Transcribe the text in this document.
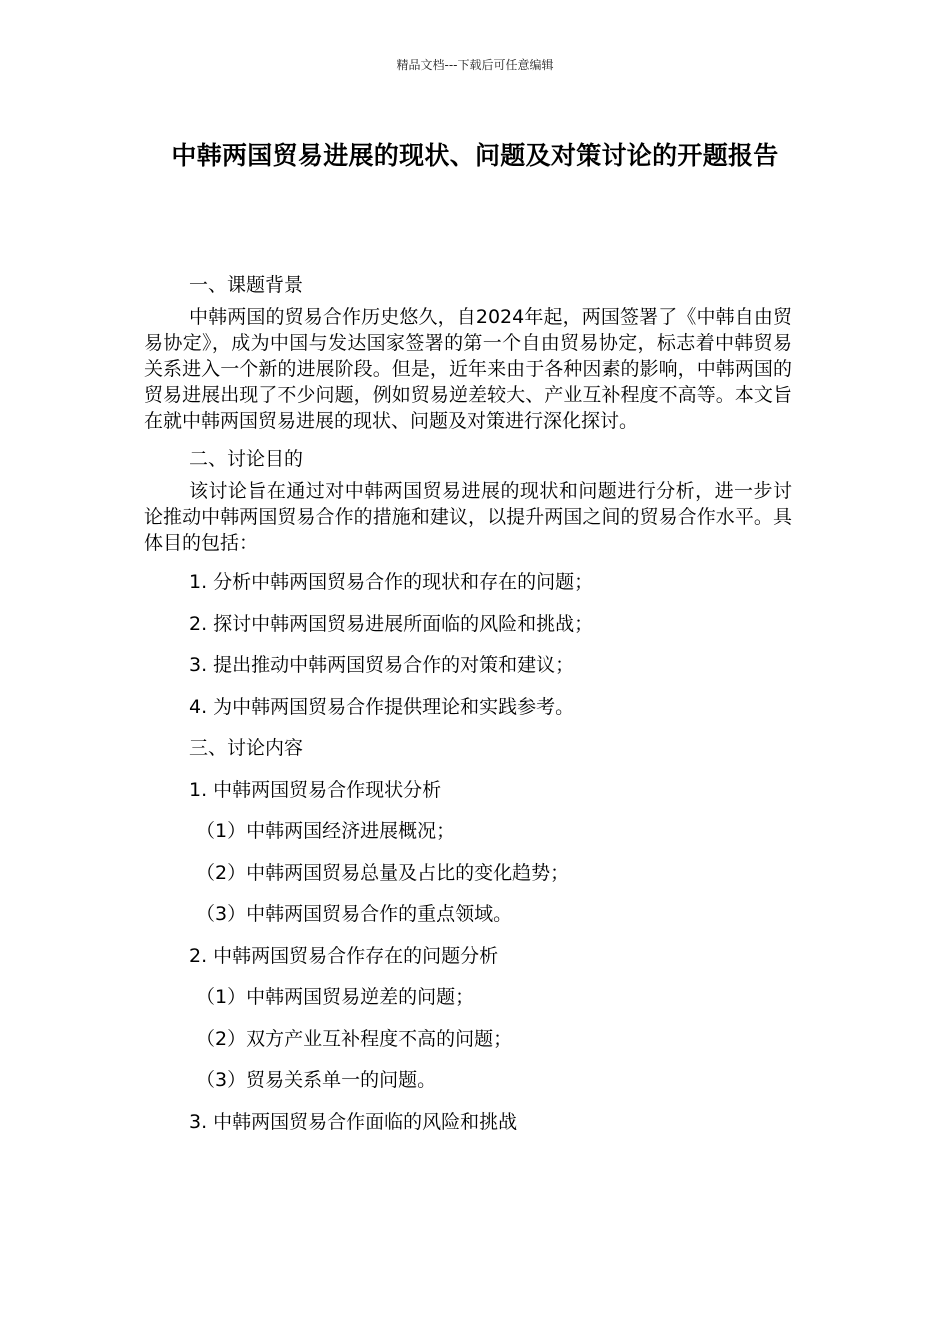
精品文档---下载后可任意编辑
中韩两国贸易进展的现状、问题及对策讨论的开题报告
一、课题背景

中韩两国的贸易合作历史悠久，自2024年起，两国签署了《中韩自由贸易协定》，成为中国与发达国家签署的第一个自由贸易协定，标志着中韩贸易关系进入一个新的进展阶段。但是，近年来由于各种因素的影响，中韩两国的贸易进展出现了不少问题，例如贸易逆差较大、产业互补程度不高等。本文旨在就中韩两国贸易进展的现状、问题及对策进行深化探讨。

二、讨论目的

该讨论旨在通过对中韩两国贸易进展的现状和问题进行分析，进一步讨论推动中韩两国贸易合作的措施和建议，以提升两国之间的贸易合作水平。具体目的包括：

1. 分析中韩两国贸易合作的现状和存在的问题；

2. 探讨中韩两国贸易进展所面临的风险和挑战；

3. 提出推动中韩两国贸易合作的对策和建议；

4. 为中韩两国贸易合作提供理论和实践参考。

三、讨论内容

1. 中韩两国贸易合作现状分析

（1）中韩两国经济进展概况；

（2）中韩两国贸易总量及占比的变化趋势；

（3）中韩两国贸易合作的重点领域。

2. 中韩两国贸易合作存在的问题分析

（1）中韩两国贸易逆差的问题；

（2）双方产业互补程度不高的问题；

（3）贸易关系单一的问题。

3. 中韩两国贸易合作面临的风险和挑战
